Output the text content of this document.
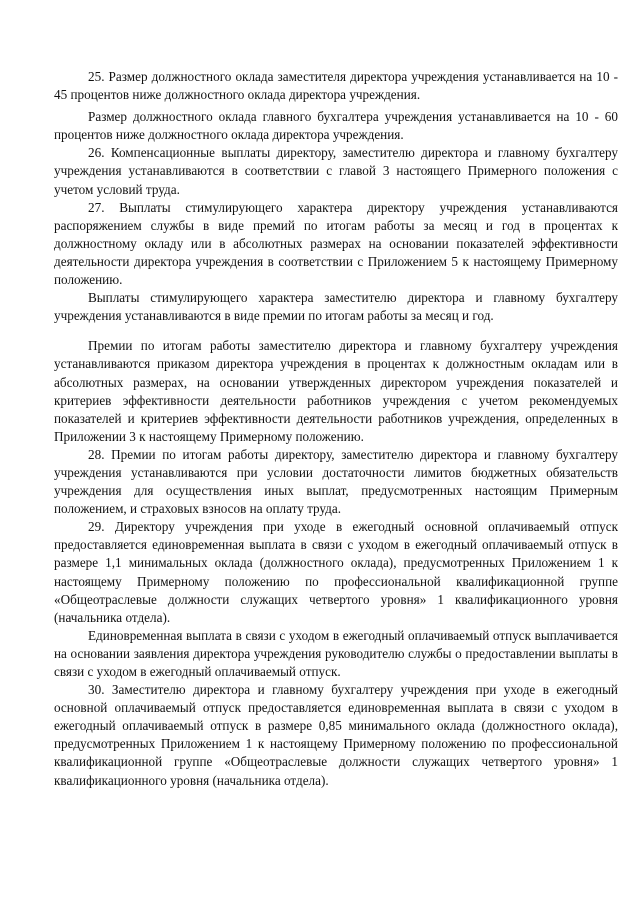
25. Размер должностного оклада заместителя директора учреждения устанавливается на 10 - 45 процентов ниже должностного оклада директора учреждения.

Размер должностного оклада главного бухгалтера учреждения устанавливается на 10 - 60 процентов ниже должностного оклада директора учреждения.

26. Компенсационные выплаты директору, заместителю директора и главному бухгалтеру учреждения устанавливаются в соответствии с главой 3 настоящего Примерного положения с учетом условий труда.

27. Выплаты стимулирующего характера директору учреждения устанавливаются распоряжением службы в виде премий по итогам работы за месяц и год в процентах к должностному окладу или в абсолютных размерах на основании показателей эффективности деятельности директора учреждения в соответствии с Приложением 5 к настоящему Примерному положению.

Выплаты стимулирующего характера заместителю директора и главному бухгалтеру учреждения устанавливаются в виде премии по итогам работы за месяц и год.

Премии по итогам работы заместителю директора и главному бухгалтеру учреждения устанавливаются приказом директора учреждения в процентах к должностным окладам или в абсолютных размерах, на основании утвержденных директором учреждения показателей и критериев эффективности деятельности работников учреждения с учетом рекомендуемых показателей и критериев эффективности деятельности работников учреждения, определенных в Приложении 3 к настоящему Примерному положению.

28. Премии по итогам работы директору, заместителю директора и главному бухгалтеру учреждения устанавливаются при условии достаточности лимитов бюджетных обязательств учреждения для осуществления иных выплат, предусмотренных настоящим Примерным положением, и страховых взносов на оплату труда.

29. Директору учреждения при уходе в ежегодный основной оплачиваемый отпуск предоставляется единовременная выплата в связи с уходом в ежегодный оплачиваемый отпуск в размере 1,1 минимальных оклада (должностного оклада), предусмотренных Приложением 1 к настоящему Примерному положению по профессиональной квалификационной группе «Общеотраслевые должности служащих четвертого уровня» 1 квалификационного уровня (начальника отдела).

Единовременная выплата в связи с уходом в ежегодный оплачиваемый отпуск выплачивается на основании заявления директора учреждения руководителю службы о предоставлении выплаты в связи с уходом в ежегодный оплачиваемый отпуск.

30. Заместителю директора и главному бухгалтеру учреждения при уходе в ежегодный основной оплачиваемый отпуск предоставляется единовременная выплата в связи с уходом в ежегодный оплачиваемый отпуск в размере 0,85 минимального оклада (должностного оклада), предусмотренных Приложением 1 к настоящему Примерному положению по профессиональной квалификационной группе «Общеотраслевые должности служащих четвертого уровня» 1 квалификационного уровня (начальника отдела).
